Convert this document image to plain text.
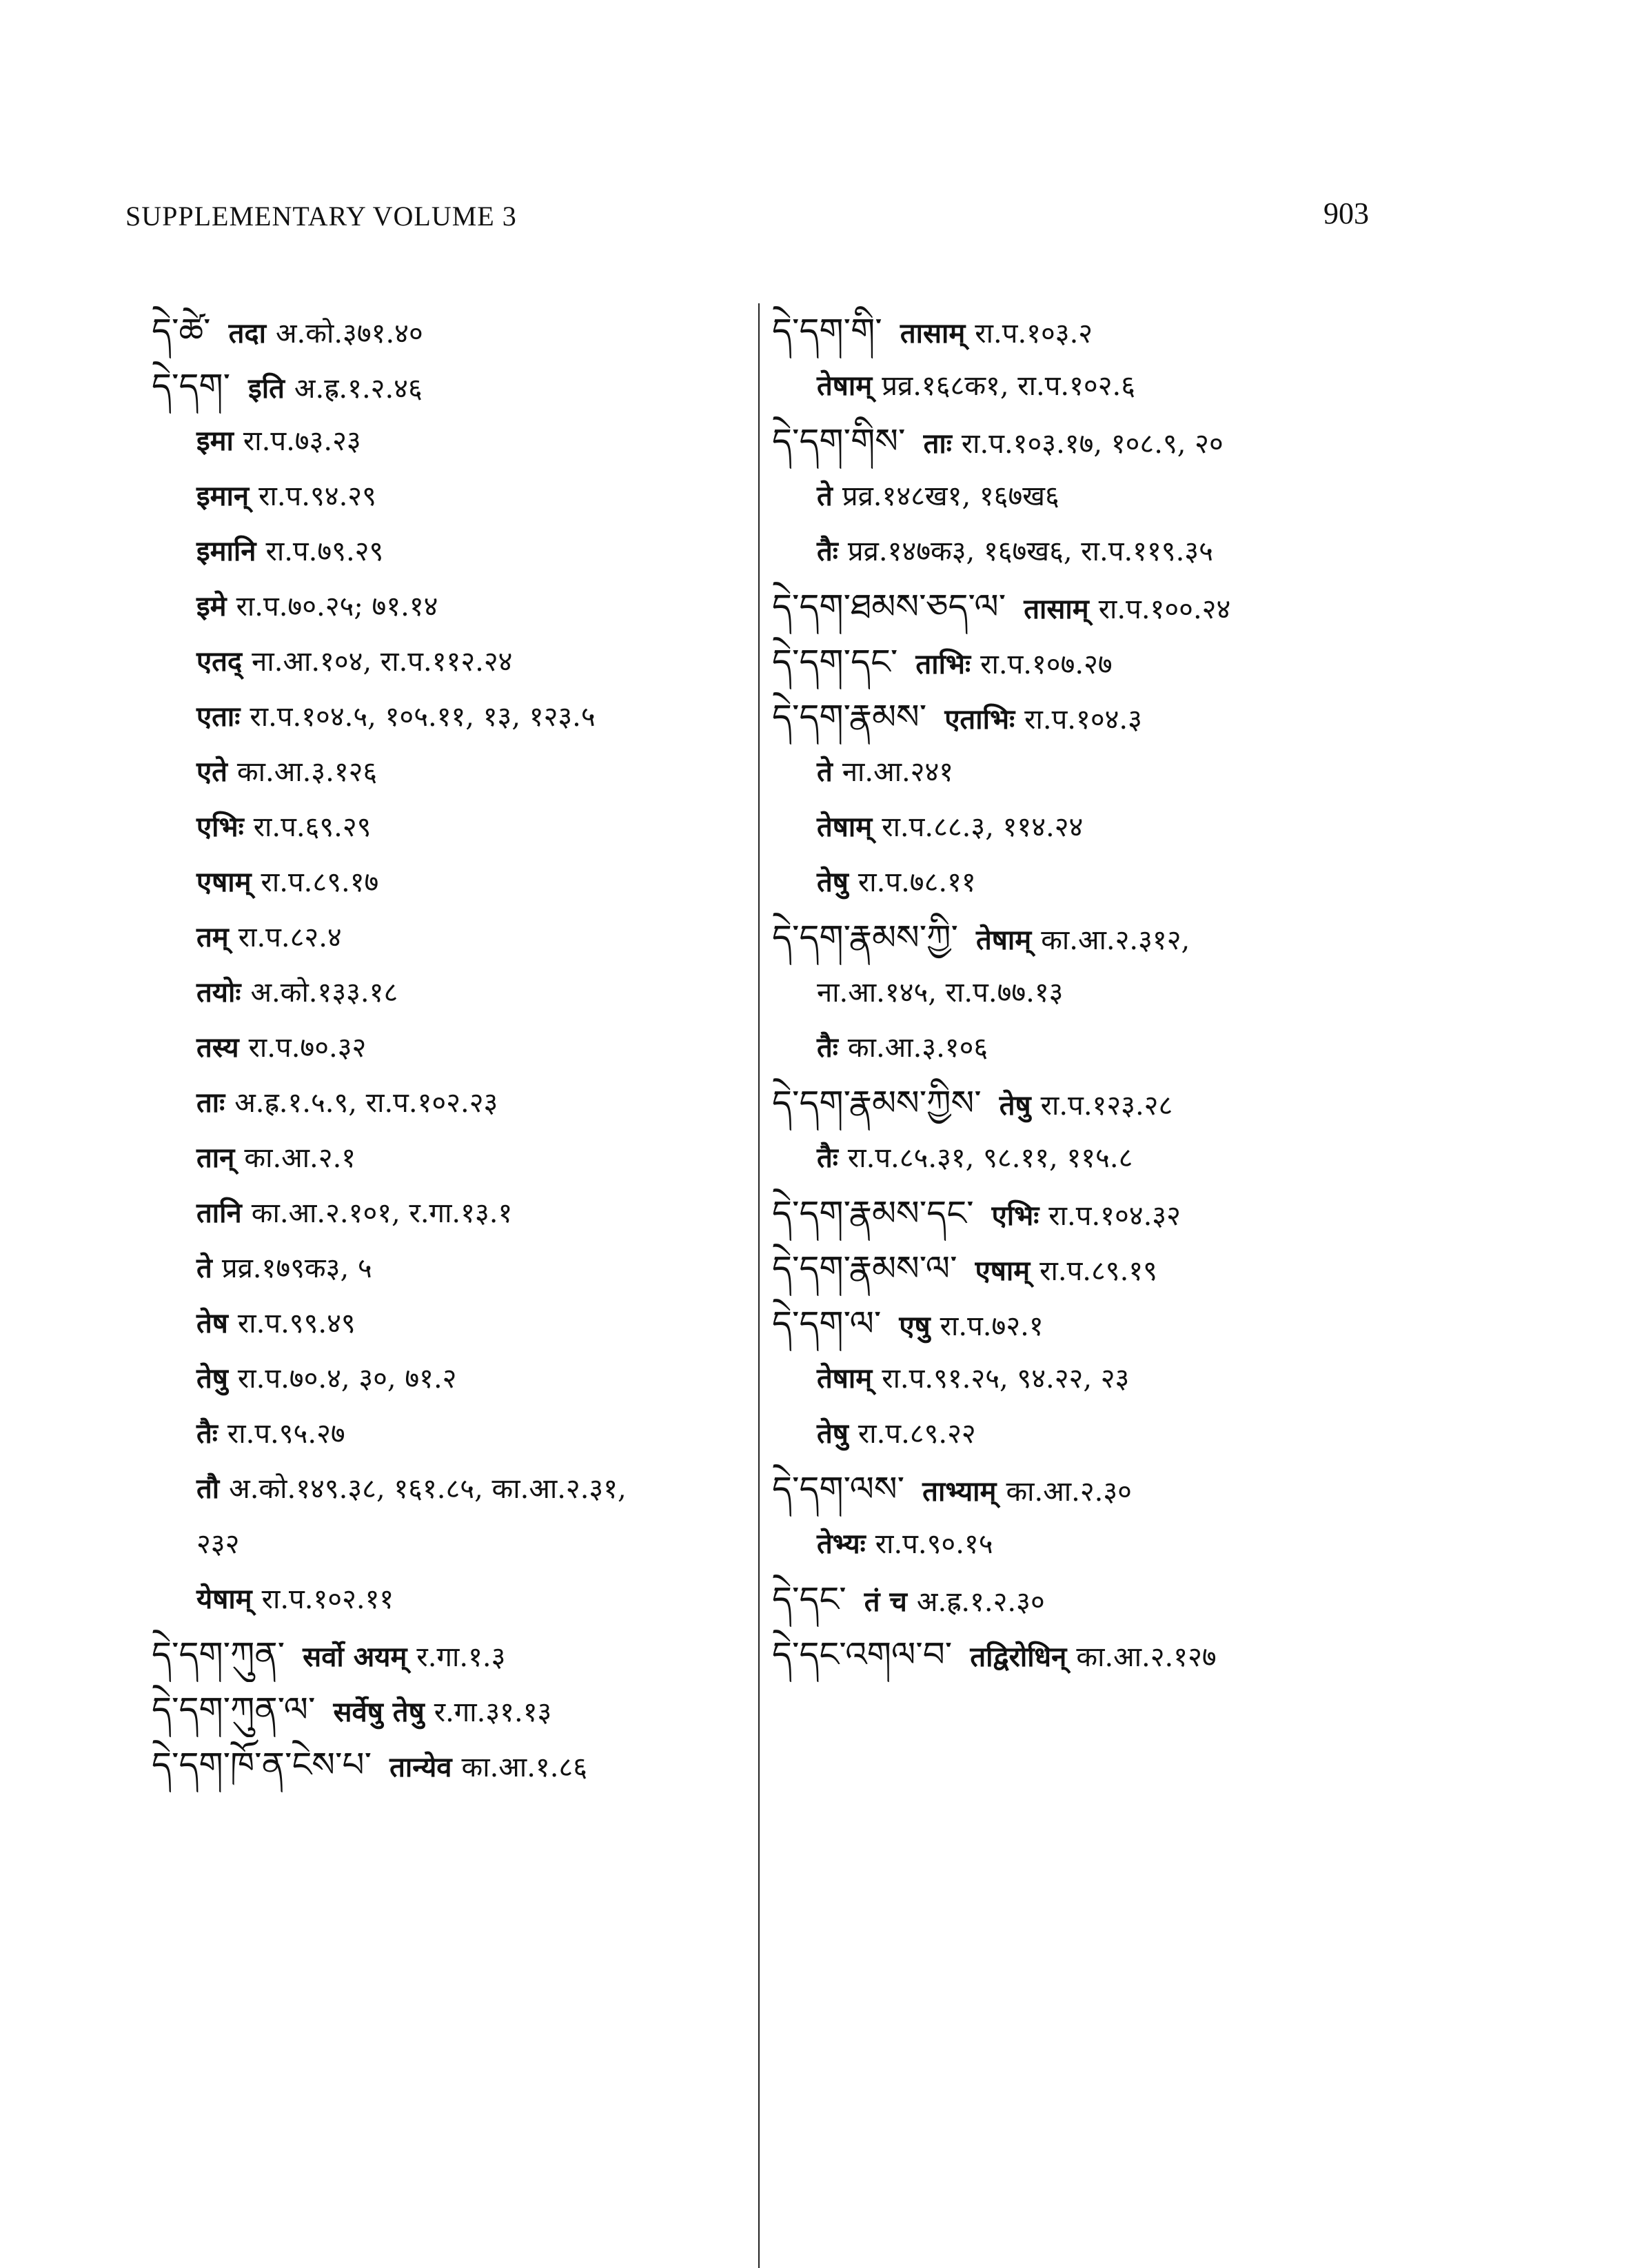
SUPPLEMENTARY VOLUME 3	903
དེ་ཚེ་ तदा अ.को.३७१.४०
དེ་དག་ इति अ.ह्र.१.२.४६
इमा रा.प.७३.२३
इमान् रा.प.९४.२९
इमानि रा.प.७९.२९
इमे रा.प.७०.२५; ७१.१४
एतद् ना.आ.१०४, रा.प.११२.२४
एताः रा.प.१०४.५, १०५.११, १३, १२३.५
एते का.आ.३.१२६
एभिः रा.प.६९.२९
एषाम् रा.प.८९.१७
तम् रा.प.८२.४
तयोः अ.को.१३३.१८
तस्य रा.प.७०.३२
ताः अ.ह्र.१.५.९, रा.प.१०२.२३
तान् का.आ.२.१
तानि का.आ.२.१०१, र.गा.१३.१
ते प्रव्र.१७९क३, ५
तेष रा.प.९९.४९
तेषु रा.प.७०.४, ३०, ७१.२
तैः रा.प.९५.२७
तौ अ.को.१४९.३८, १६१.८५, का.आ.२.३१,
२३२
येषाम् रा.प.१०२.११
དེ་དག་ཀུན་ सर्वो अयम् र.गा.१.३
དེ་དག་ཀུན་ལ་ सर्वेषु तेषु र.गा.३१.१३
དེ་དག་ཁོ་ན་ངེས་པ་ तान्येव का.आ.१.८६
དེ་དག་གི་ तासाम् रा.प.१०३.२
तेषाम् प्रव्र.१६८क१, रा.प.१०२.६
དེ་དག་གིས་ ताः रा.प.१०३.१७, १०८.९, २०
ते प्रव्र.१४८ख१, १६७ख६
तैः प्रव्र.१४७क३, १६७ख६, रा.प.११९.३५
དེ་དག་ཐམས་ཅད་ལ་ तासाम् रा.प.१००.२४
དེ་དག་དང་ ताभिः रा.प.१०७.२७
དེ་དག་རྣམས་ एताभिः रा.प.१०४.३
ते ना.आ.२४१
तेषाम् रा.प.८८.३, ११४.२४
तेषु रा.प.७८.११
དེ་དག་རྣམས་ཀྱི་ तेषाम् का.आ.२.३१२,
ना.आ.१४५, रा.प.७७.१३
तैः का.आ.३.१०६
དེ་དག་རྣམས་ཀྱིས་ तेषु रा.प.१२३.२८
तैः रा.प.८५.३१, ९८.११, ११५.८
དེ་དག་རྣམས་དང་ एभिः रा.प.१०४.३२
དེ་དག་རྣམས་ལ་ एषाम् रा.प.८९.१९
དེ་དག་ལ་ एषु रा.प.७२.१
तेषाम् रा.प.९१.२५, ९४.२२, २३
तेषु रा.प.८९.२२
དེ་དག་ལས་ ताभ्याम् का.आ.२.३०
तेभ्यः रा.प.९०.१५
དེ་དང་ तं च अ.ह्र.१.२.३०
དེ་དང་འགལ་བ་ तद्विरोधिन् का.आ.२.१२७
